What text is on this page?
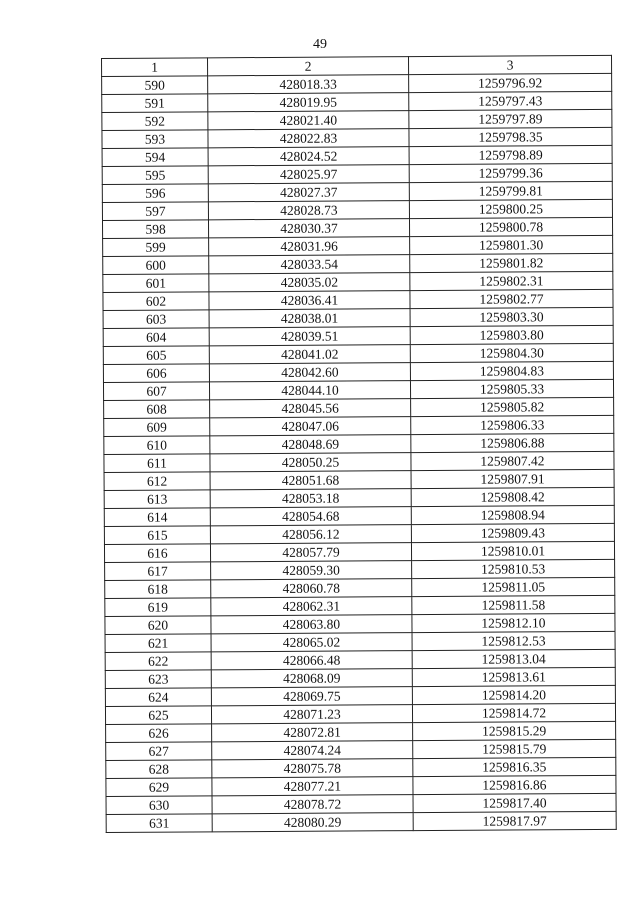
49
1	2	3
590	428018.33	1259796.92
591	428019.95	1259797.43
592	428021.40	1259797.89
593	428022.83	1259798.35
594	428024.52	1259798.89
595	428025.97	1259799.36
596	428027.37	1259799.81
597	428028.73	1259800.25
598	428030.37	1259800.78
599	428031.96	1259801.30
600	428033.54	1259801.82
601	428035.02	1259802.31
602	428036.41	1259802.77
603	428038.01	1259803.30
604	428039.51	1259803.80
605	428041.02	1259804.30
606	428042.60	1259804.83
607	428044.10	1259805.33
608	428045.56	1259805.82
609	428047.06	1259806.33
610	428048.69	1259806.88
611	428050.25	1259807.42
612	428051.68	1259807.91
613	428053.18	1259808.42
614	428054.68	1259808.94
615	428056.12	1259809.43
616	428057.79	1259810.01
617	428059.30	1259810.53
618	428060.78	1259811.05
619	428062.31	1259811.58
620	428063.80	1259812.10
621	428065.02	1259812.53
622	428066.48	1259813.04
623	428068.09	1259813.61
624	428069.75	1259814.20
625	428071.23	1259814.72
626	428072.81	1259815.29
627	428074.24	1259815.79
628	428075.78	1259816.35
629	428077.21	1259816.86
630	428078.72	1259817.40
631	428080.29	1259817.97
